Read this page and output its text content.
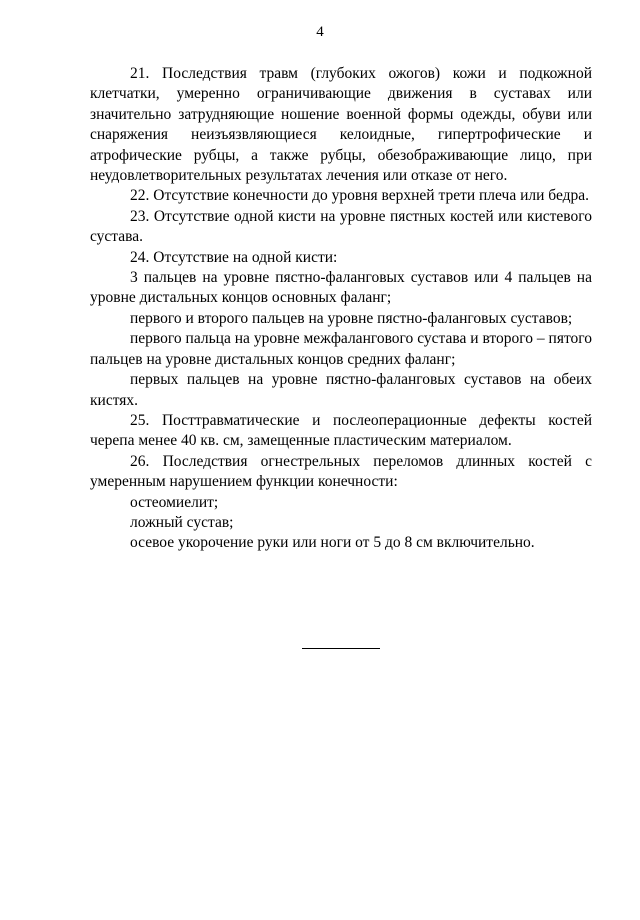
4

21. Последствия травм (глубоких ожогов) кожи и подкожной клетчатки, умеренно ограничивающие движения в суставах или значительно затрудняющие ношение военной формы одежды, обуви или снаряжения неизъязвляющиеся келоидные, гипертрофические и атрофические рубцы, а также рубцы, обезображивающие лицо, при неудовлетворительных результатах лечения или отказе от него.

22. Отсутствие конечности до уровня верхней трети плеча или бедра.

23. Отсутствие одной кисти на уровне пястных костей или кистевого сустава.

24. Отсутствие на одной кисти:

3 пальцев на уровне пястно-фаланговых суставов или 4 пальцев на уровне дистальных концов основных фаланг;

первого и второго пальцев на уровне пястно-фаланговых суставов;

первого пальца на уровне межфалангового сустава и второго – пятого пальцев на уровне дистальных концов средних фаланг;

первых пальцев на уровне пястно-фаланговых суставов на обеих кистях.

25. Посттравматические и послеоперационные дефекты костей черепа менее 40 кв. см, замещенные пластическим материалом.

26. Последствия огнестрельных переломов длинных костей с умеренным нарушением функции конечности:

остеомиелит;

ложный сустав;

осевое укорочение руки или ноги от 5 до 8 см включительно.
